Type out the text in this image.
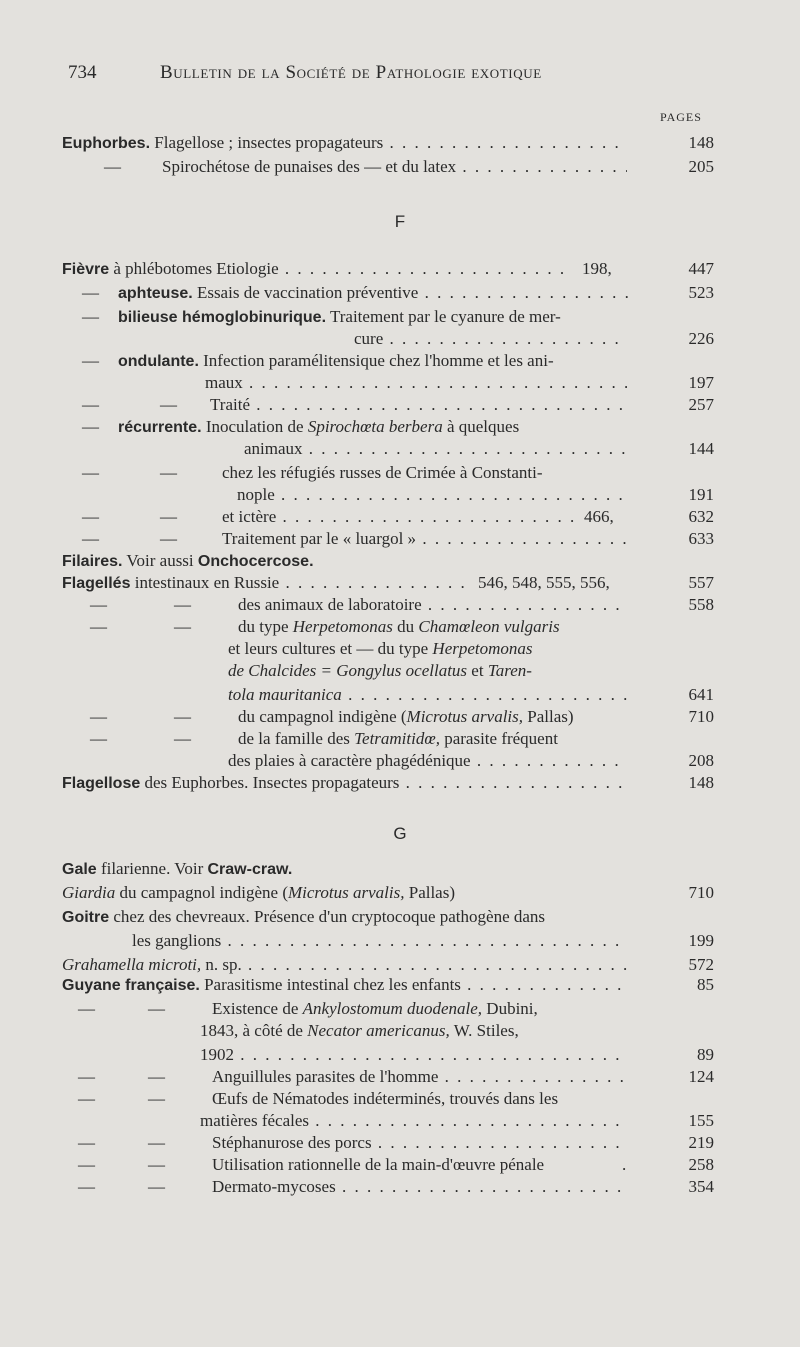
734	Bulletin de la Société de Pathologie exotique
PAGES
Euphorbes. Flagellose ; insectes propagateurs . . .	148
— Spirochétose de punaises des — et du latex . . .	205
F
Fièvre à phlébotomes Etiologie . . .	198,	447
— aphteuse. Essais de vaccination préventive . . .	523
— bilieuse hémoglobinurique. Traitement par le cyanure de mer-
cure . . .	226
— ondulante. Infection paramélitensique chez l'homme et les ani-
maux . . .	197
—	— Traité . . .	257
— récurrente. Inoculation de Spirochœta berbera à quelques
animaux . . .	144
—	—	chez les réfugiés russes de Crimée à Constanti-
nople . . .	191
—	—	et ictère . . .	466,	632
—	—	Traitement par le « luargol » . . .	633
Filaires. Voir aussi Onchocercose.
Flagellés intestinaux en Russie . . .	546, 548, 555, 556,	557
—	—	des animaux de laboratoire . . .	558
—	—	du type Herpetomonas du Chamœleon vulgaris
et leurs cultures et — du type Herpetomonas
de Chalcides = Gongylus ocellatus et Taren-
tola mauritanica . . .	641
—	—	du campagnol indigène (Microtus arvalis, Pallas)	710
—	—	de la famille des Tetramitidœ, parasite fréquent
des plaies à caractère phagédénique . . .	208
Flagellose des Euphorbes. Insectes propagateurs . . .	148
G
Gale filarienne. Voir Craw-craw.
Giardia du campagnol indigène (Microtus arvalis, Pallas)	710
Goitre chez des chevreaux. Présence d'un cryptocoque pathogène dans
les ganglions . . .	199
Grahamella microti, n. sp. . . .	572
Guyane française. Parasitisme intestinal chez les enfants . . .	85
—	—	Existence de Ankylostomum duodenale, Dubini,
1843, à côté de Necator americanus, W. Stiles,
1902 . . .	89
—	—	Anguillules parasites de l'homme . . .	124
—	—	Œufs de Nématodes indéterminés, trouvés dans les
matières fécales . . .	155
—	—	Stéphanurose des porcs . . .	219
—	—	Utilisation rationnelle de la main-d'œuvre pénale	.	258
—	—	Dermato-mycoses . . .	354
